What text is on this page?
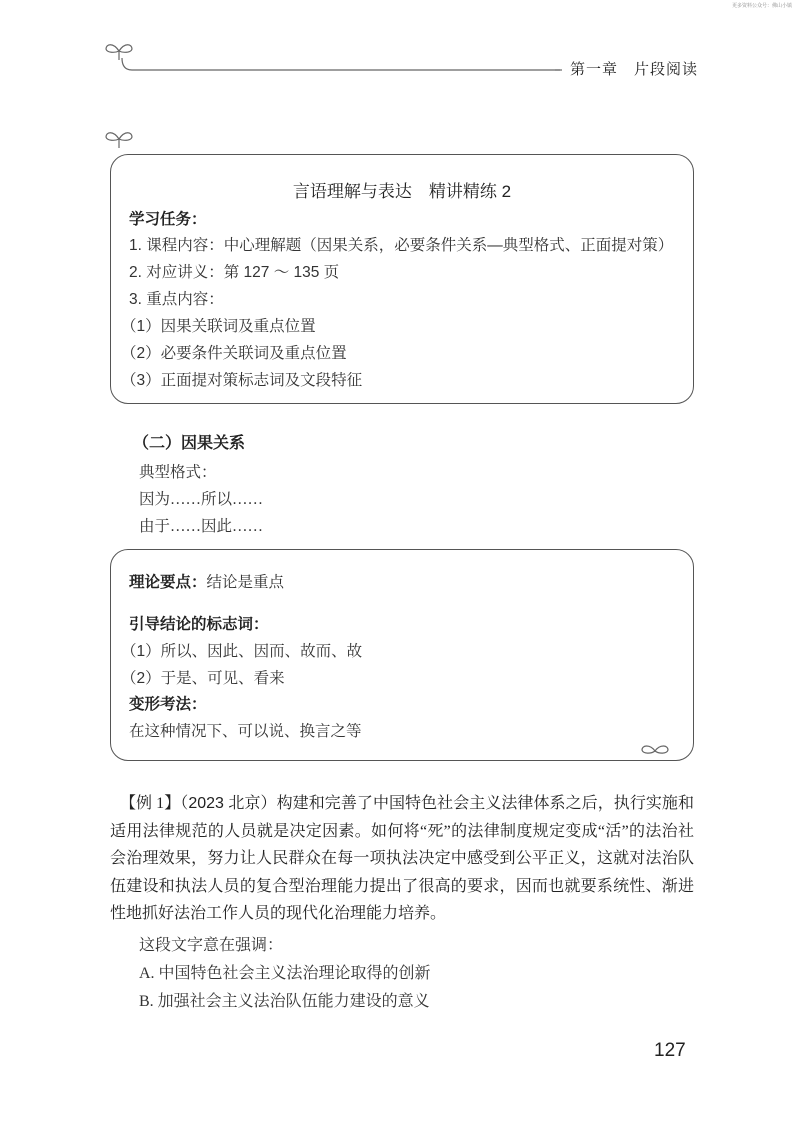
更多资料公众号：佛山小镇
第一章　片段阅读
言语理解与表达　精讲精练 2
学习任务：
1. 课程内容：中心理解题（因果关系，必要条件关系—典型格式、正面提对策）
2. 对应讲义：第 127 ～ 135 页
3. 重点内容：
（1）因果关联词及重点位置
（2）必要条件关联词及重点位置
（3）正面提对策标志词及文段特征
（二）因果关系
典型格式：
因为……所以……
由于……因此……
理论要点：结论是重点
引导结论的标志词：
（1）所以、因此、因而、故而、故
（2）于是、可见、看来
变形考法：
在这种情况下、可以说、换言之等
【例 1】（2023 北京）构建和完善了中国特色社会主义法律体系之后，执行实施和适用法律规范的人员就是决定因素。如何将“死”的法律制度规定变成“活”的法治社会治理效果，努力让人民群众在每一项执法决定中感受到公平正义，这就对法治队伍建设和执法人员的复合型治理能力提出了很高的要求，因而也就要系统性、渐进性地抓好法治工作人员的现代化治理能力培养。
这段文字意在强调：
A. 中国特色社会主义法治理论取得的创新
B. 加强社会主义法治队伍能力建设的意义
127
